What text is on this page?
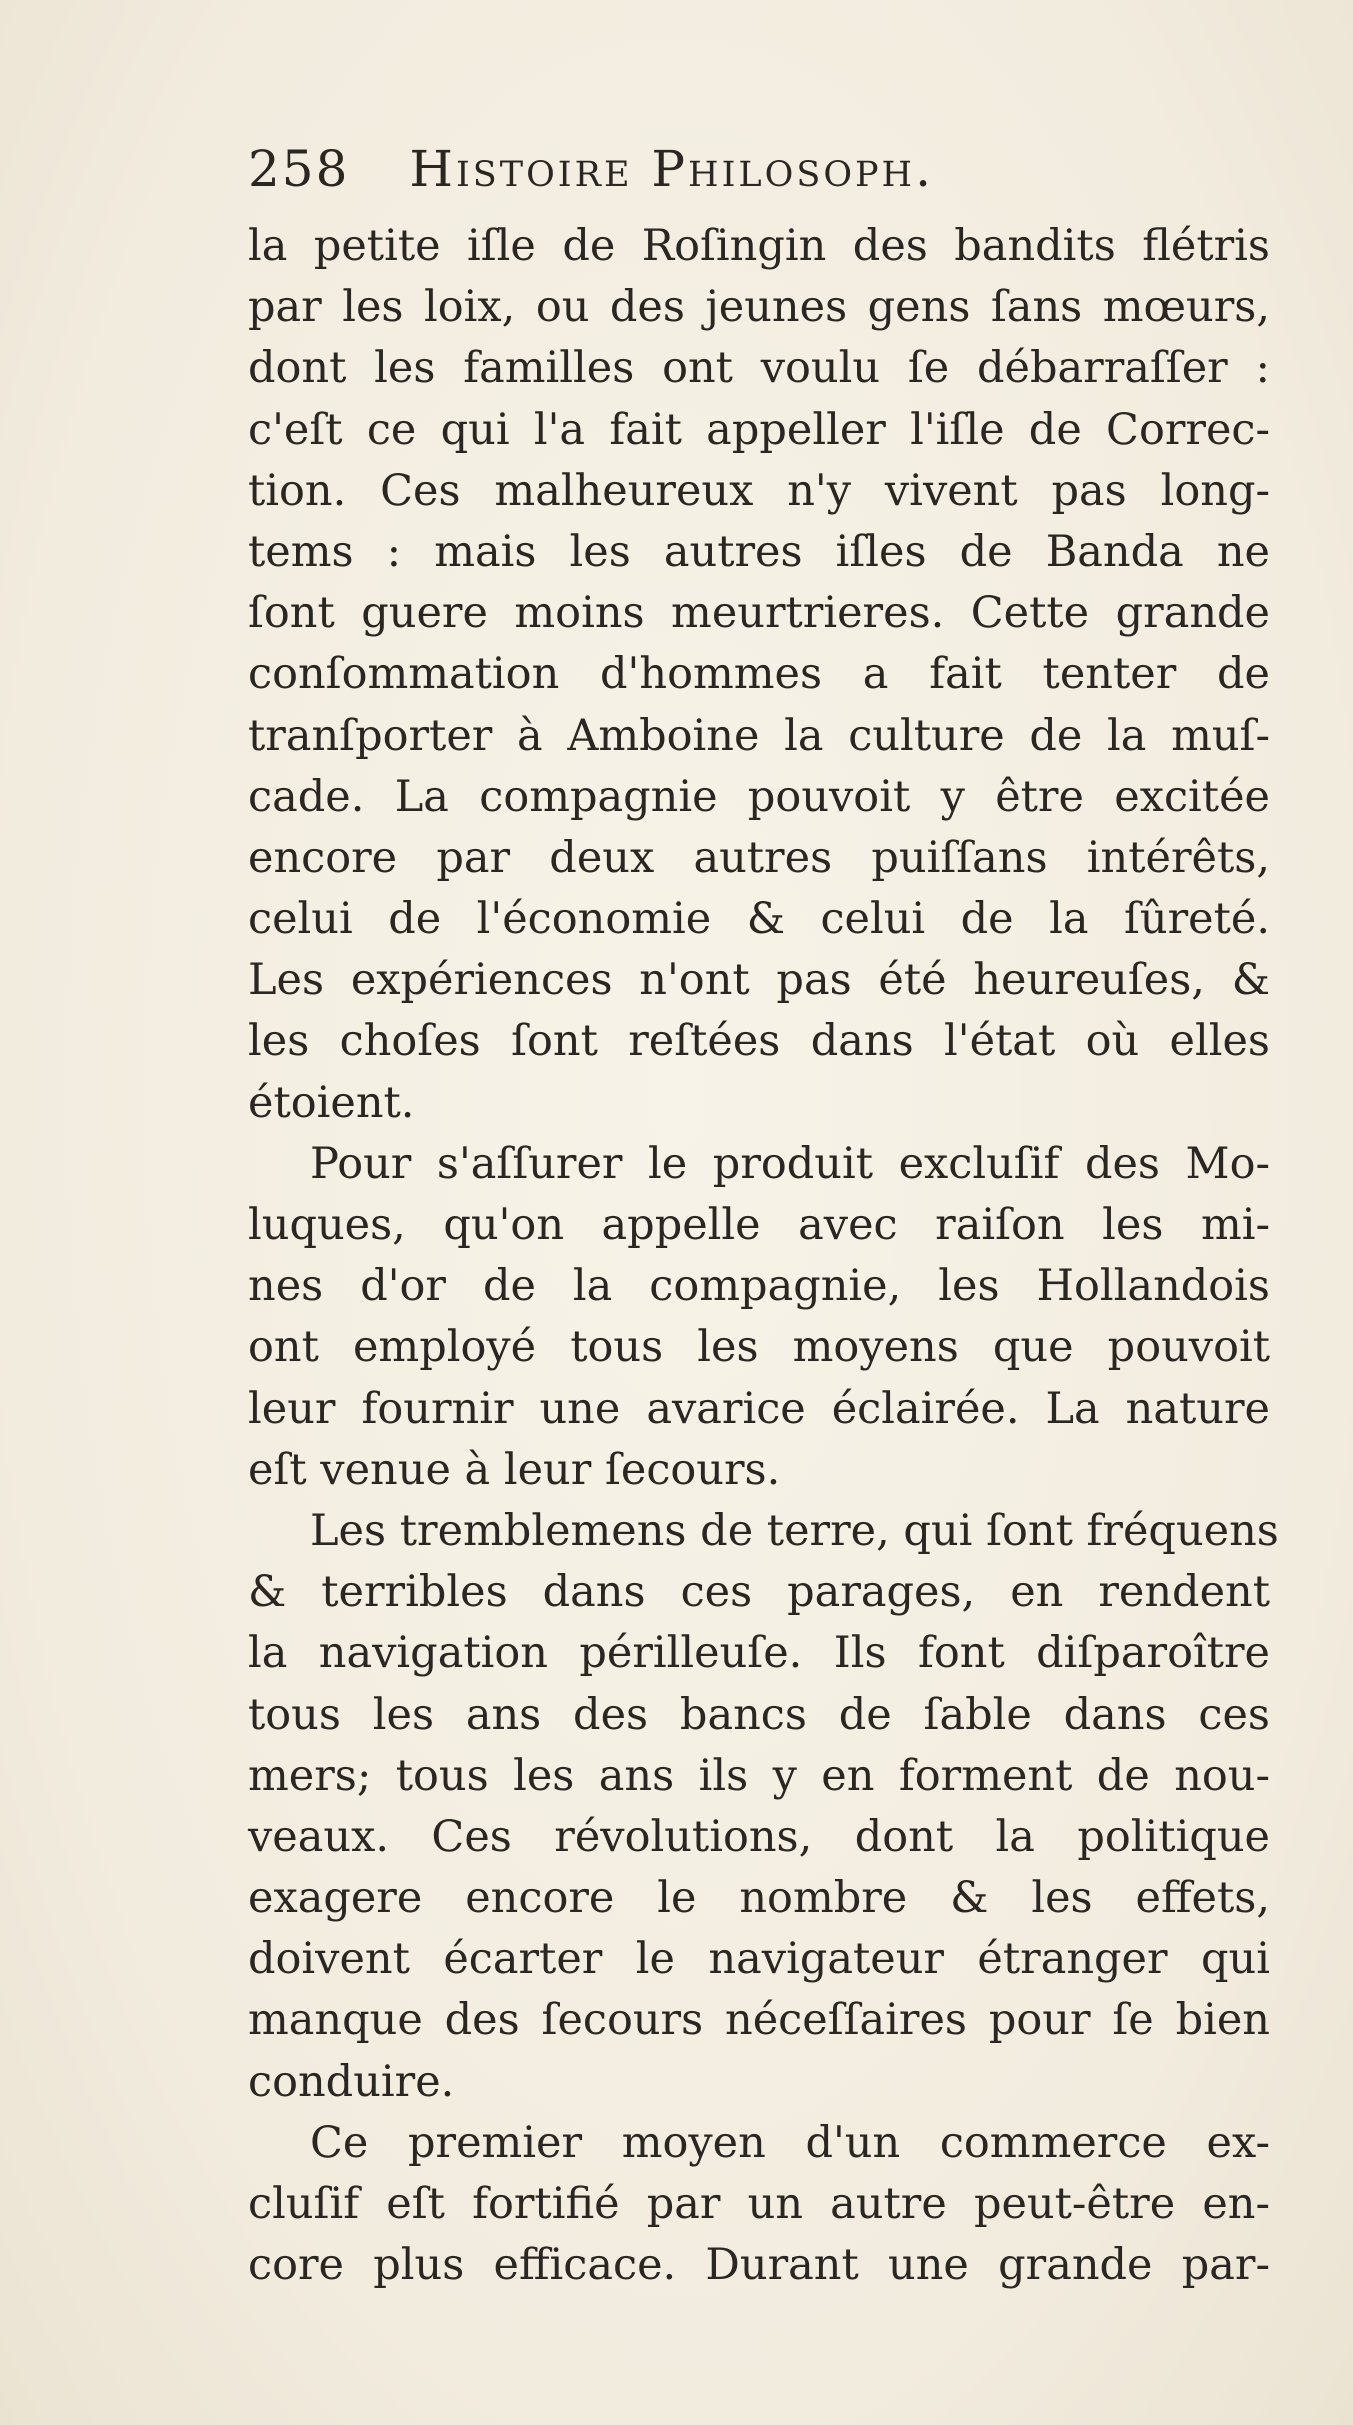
258 Histoire Philosoph.
la petite iſle de Roſingin des bandits flétris
par les loix, ou des jeunes gens ſans mœurs,
dont les familles ont voulu ſe débarraſſer :
c'eſt ce qui l'a fait appeller l'iſle de Correc-
tion. Ces malheureux n'y vivent pas long-
tems : mais les autres iſles de Banda ne
ſont guere moins meurtrieres. Cette grande
conſommation d'hommes a fait tenter de
tranſporter à Amboine la culture de la muſ-
cade. La compagnie pouvoit y être excitée
encore par deux autres puiſſans intérêts,
celui de l'économie & celui de la ſûreté.
Les expériences n'ont pas été heureuſes, &
les choſes ſont reſtées dans l'état où elles
étoient.
Pour s'aſſurer le produit excluſif des Mo-
luques, qu'on appelle avec raiſon les mi-
nes d'or de la compagnie, les Hollandois
ont employé tous les moyens que pouvoit
leur fournir une avarice éclairée. La nature
eſt venue à leur ſecours.
Les tremblemens de terre, qui ſont fréquens
& terribles dans ces parages, en rendent
la navigation périlleuſe. Ils font diſparoître
tous les ans des bancs de ſable dans ces
mers; tous les ans ils y en forment de nou-
veaux. Ces révolutions, dont la politique
exagere encore le nombre & les effets,
doivent écarter le navigateur étranger qui
manque des ſecours néceſſaires pour ſe bien
conduire.
Ce premier moyen d'un commerce ex-
cluſif eſt fortifié par un autre peut-être en-
core plus efficace. Durant une grande par-
